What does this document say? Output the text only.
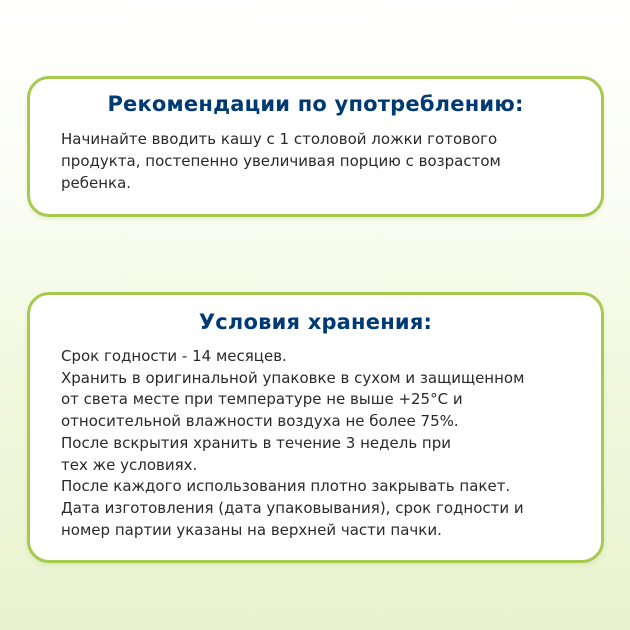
Рекомендации по употреблению:

Начинайте вводить кашу с 1 столовой ложки готового
продукта, постепенно увеличивая порцию с возрастом
ребенка.

Условия хранения:

Срок годности - 14 месяцев.
Хранить в оригинальной упаковке в сухом и защищенном
от света месте при температуре не выше +25°С и
относительной влажности воздуха не более 75%.
После вскрытия хранить в течение 3 недель при
тех же условиях.
После каждого использования плотно закрывать пакет.
Дата изготовления (дата упаковывания), срок годности и
номер партии указаны на верхней части пачки.
